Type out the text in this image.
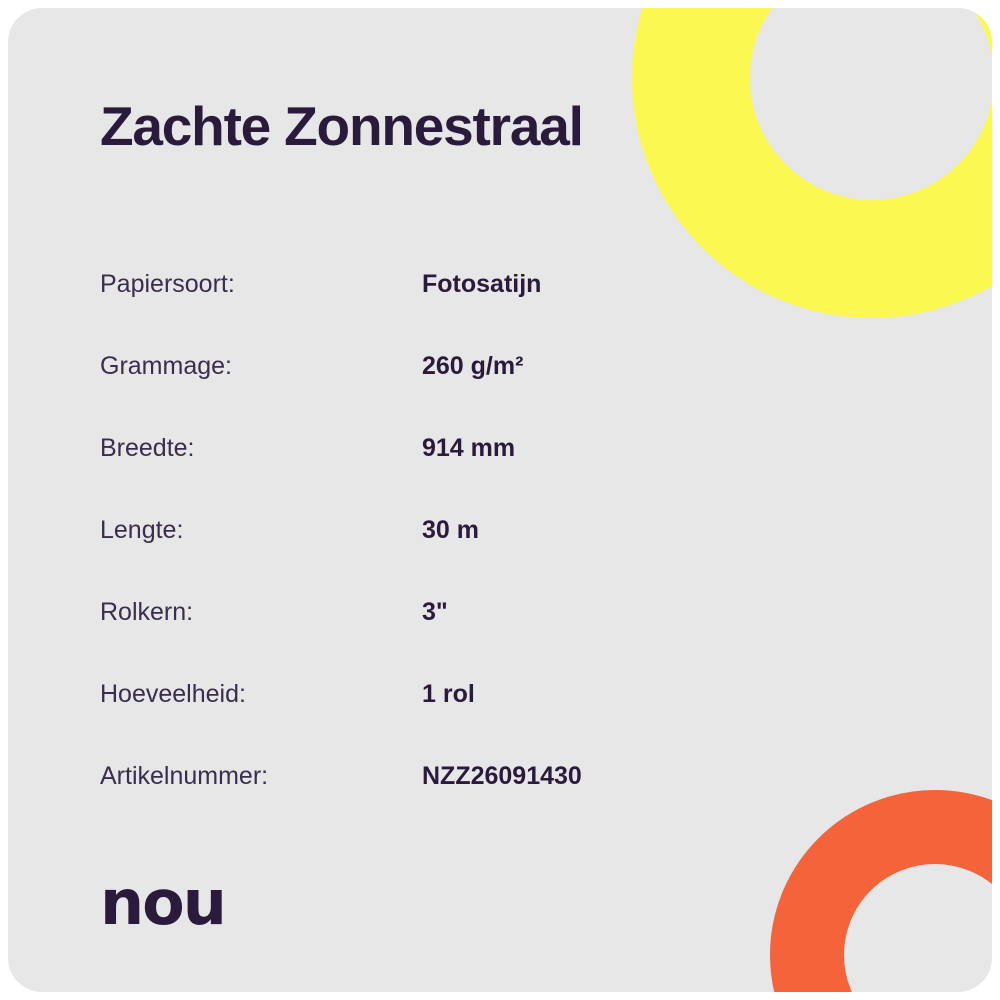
Zachte Zonnestraal
Papiersoort:	Fotosatijn
Grammage:	260 g/m²
Breedte:	914 mm
Lengte:	30 m
Rolkern:	3"
Hoeveelheid:	1 rol
Artikelnummer:	NZZ26091430
nou
